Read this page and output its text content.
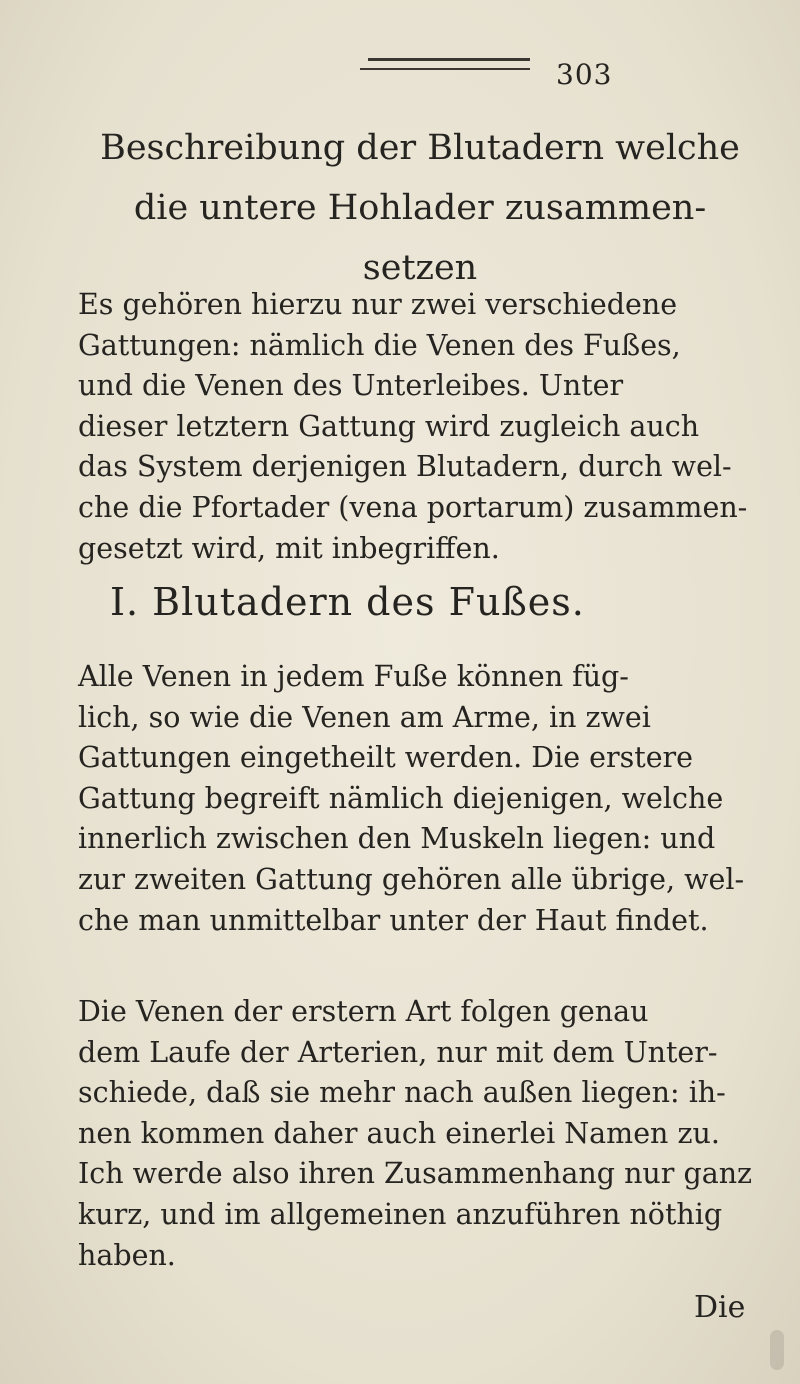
303
Beschreibung der Blutadern welche
die untere Hohlader zusammen-
setzen
Es gehören hierzu nur zwei verschiedene
Gattungen: nämlich die Venen des Fußes,
und die Venen des Unterleibes. Unter
dieser letztern Gattung wird zugleich auch
das System derjenigen Blutadern, durch wel-
che die Pfortader (vena portarum) zusammen-
gesetzt wird, mit inbegriffen.
I. Blutadern des Fußes.
Alle Venen in jedem Fuße können füg-
lich, so wie die Venen am Arme, in zwei
Gattungen eingetheilt werden. Die erstere
Gattung begreift nämlich diejenigen, welche
innerlich zwischen den Muskeln liegen: und
zur zweiten Gattung gehören alle übrige, wel-
che man unmittelbar unter der Haut findet.
Die Venen der erstern Art folgen genau
dem Laufe der Arterien, nur mit dem Unter-
schiede, daß sie mehr nach außen liegen: ih-
nen kommen daher auch einerlei Namen zu.
Ich werde also ihren Zusammenhang nur ganz
kurz, und im allgemeinen anzuführen nöthig
haben.
Die
